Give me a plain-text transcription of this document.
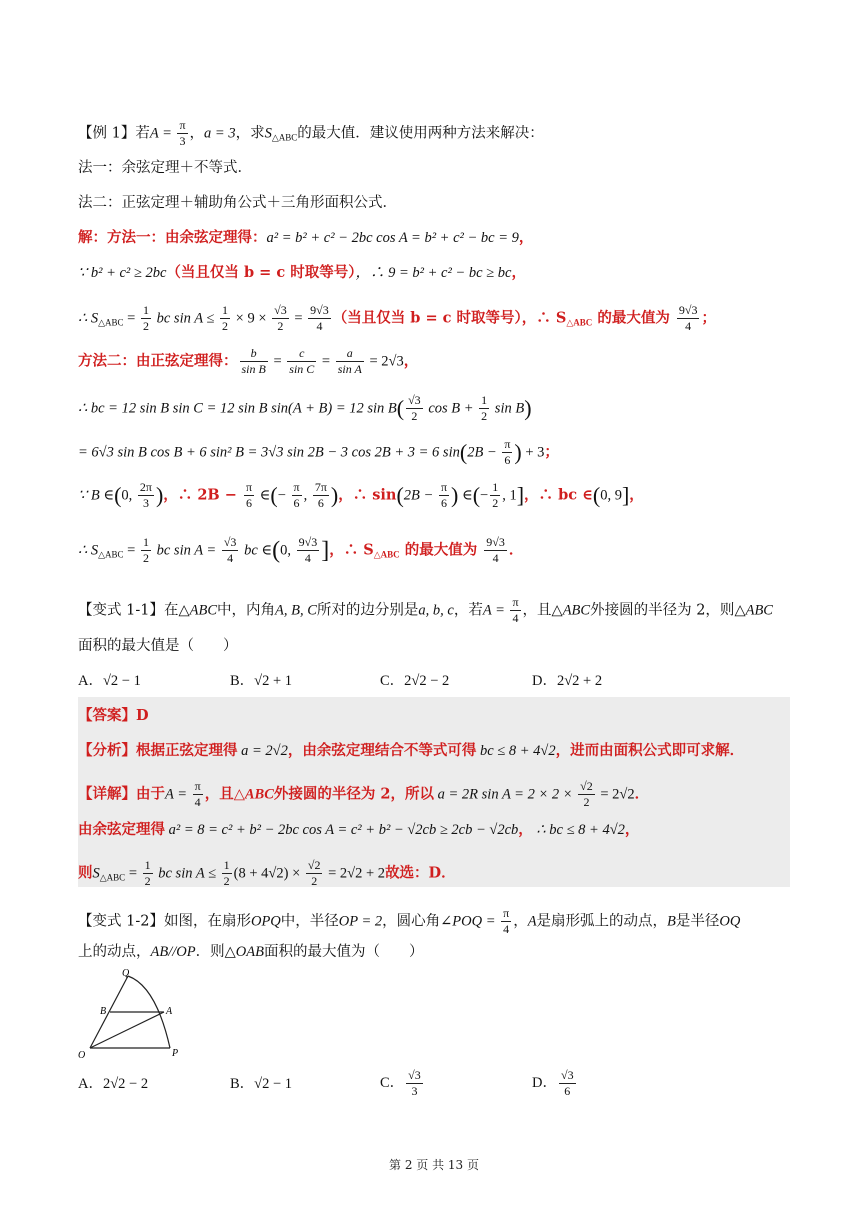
【例 1】若$A = \frac{\pi}{3}$ ，a = 3，求$S_{\triangle ABC}$的最大值．建议使用两种方法来解决：
法一：余弦定理＋不等式．
法二：正弦定理＋辅助角公式＋三角形面积公式．
解：方法一：由余弦定理得：a² = b² + c² − 2bc cos A = b² + c² − bc = 9，
∵ b² + c² ≥ 2bc（当且仅当 b = c 时取等号），∴ 9 = b² + c² − bc ≥ bc，
∴ $S_{\triangle ABC} = \frac{1}{2}$ bc $\sin A \le \frac{1}{2} \times 9 \times \frac{√3}{2} = \frac{9√3}{4}$ （当且仅当 b = c 时取等号），∴ $S_{\triangle ABC}$ 的最大值为 $\frac{9√3}{4}$ ；
方法二：由正弦定理得： $\frac{b}{\text{sin B}} = \frac{c}{\text{sin C}} = \frac{a}{\text{sin A}} = 2√3$，
∴ bc = 12 sin B sin C = 12 sin B sin(A + B) = 12 $\sin B( \frac{√3}{2}$ $\cos B + \frac{1}{2}$ sin B)
= 6√3 sin B cos B + 6 sin² B = 3√3 sin 2B − 3 cos 2B + 3 = 6 $\sin(2B - \frac{\pi}{6}$ ) + 3；
∵ B ∈(0, $\frac{2\pi}{3}$ )，∴ $2B - \frac{\pi}{6}$ ∈(− $\frac{\pi}{6}$ , $\frac{7\pi}{6}$ )，∴ $\sin(2B - \frac{\pi}{6}$ ) ∈(− $\frac{1}{2}$ , 1]，∴ bc ∈(0, 9]，
∴ $S_{\triangle ABC} = \frac{1}{2}$ bc $\sin A = \frac{√3}{4}$ bc ∈(0, $\frac{9√3}{4}$ ]，∴ $S_{\triangle ABC}$ 的最大值为 $\frac{9√3}{4}$ ．
【变式 1-1】在△ABC中，内角A, B, C所对的边分别是a, b, c，若$A = \frac{\pi}{4}$ ，且△ABC外接圆的半径为 2，则△ABC
面积的最大值是（　　）
A．√2 − 1	B．√2 + 1	C．2√2 − 2	D．2√2 + 2
【答案】D
【分析】根据正弦定理得 a = 2√2，由余弦定理结合不等式可得 bc ≤ 8 + 4√2，进而由面积公式即可求解．
【详解】由于$A = \frac{\pi}{4}$ ，且△ABC外接圆的半径为 2，所以 a = 2R $\sin A = 2 \times 2 \times \frac{√2}{2} = 2√2$．
由余弦定理得 a² = 8 = c² + b² − 2bc cos A = c² + b² − √2cb ≥ 2cb − √2cb， ∴ bc ≤ 8 + 4√2，
则$S_{\triangle ABC} = \frac{1}{2}$ bc $\sin A \le \frac{1}{2} (8 + 4√2) \times \frac{√2}{2} = 2√2 + 2$故选：D．
【变式 1-2】如图，在扇形OPQ中，半径OP = 2，圆心角∠POQ = $\frac{\pi}{4}$ ，A是扇形弧上的动点，B是半径OQ
上的动点，AB//OP．则△OAB面积的最大值为（　　）
Q
B	A
O	P
A．2√2 − 2	B．√2 − 1	C． $\frac{√3}{3}$	D． $\frac{√3}{6}$
第 2 页 共 13 页
